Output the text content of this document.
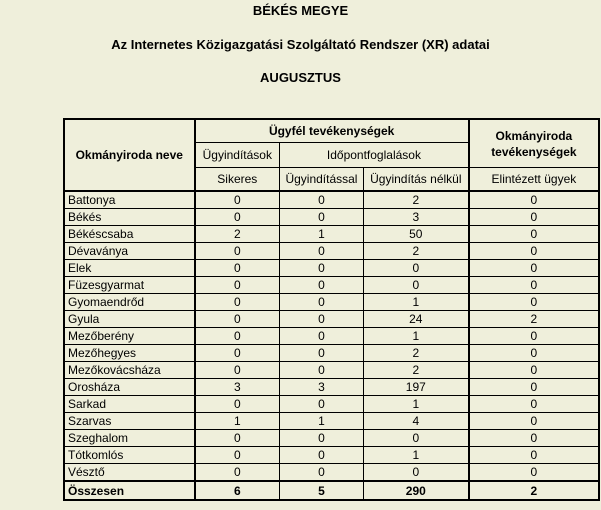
BÉKÉS MEGYE
Az Internetes Közigazgatási Szolgáltató Rendszer (XR) adatai
AUGUSZTUS
Okmányiroda neve	Ügyfél tevékenységek			Okmányiroda tevékenységek
	Ügyindítások	Időpontfoglalások		
	Sikeres	Ügyindítással	Ügyindítás nélkül	Elintézett ügyek
Battonya	0	0	2	0
Békés	0	0	3	0
Békéscsaba	2	1	50	0
Dévaványa	0	0	2	0
Elek	0	0	0	0
Füzesgyarmat	0	0	0	0
Gyomaendrőd	0	0	1	0
Gyula	0	0	24	2
Mezőberény	0	0	1	0
Mezőhegyes	0	0	2	0
Mezőkovácsháza	0	0	2	0
Orosháza	3	3	197	0
Sarkad	0	0	1	0
Szarvas	1	1	4	0
Szeghalom	0	0	0	0
Tótkomlós	0	0	1	0
Vésztő	0	0	0	0
Összesen	6	5	290	2
